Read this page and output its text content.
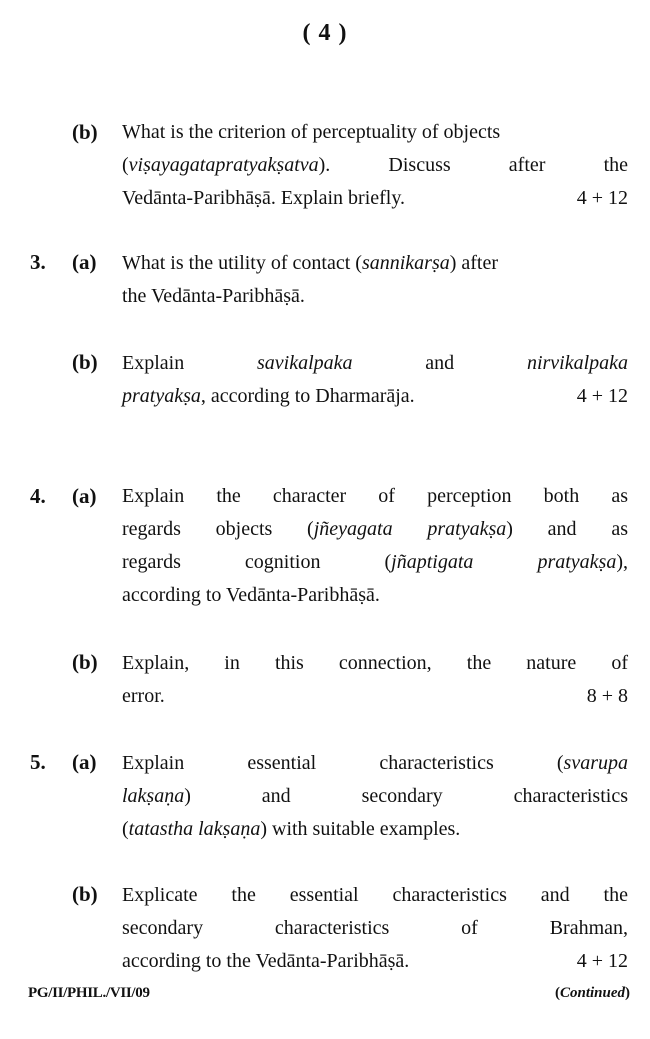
( 4 )
(b) What is the criterion of perceptuality of objects
(viṣayagatapratyakṣatva). Discuss after the
Vedānta-Paribhāṣā. Explain briefly.	4 + 12
3. (a) What is the utility of contact (sannikarṣa) after
the Vedānta-Paribhāṣā.
(b) Explain	savikalpaka	and	nirvikalpaka
pratyakṣa, according to Dharmarāja.	4 + 12
4. (a) Explain the character of perception both as
regards objects (jñeyagata pratyakṣa) and as
regards cognition (jñaptigata pratyakṣa),
according to Vedānta-Paribhāṣā.
(b) Explain, in this connection, the nature of
error.	8 + 8
5. (a) Explain essential characteristics (svarupa
lakṣaṇa) and secondary characteristics
(tatastha lakṣaṇa) with suitable examples.
(b) Explicate the essential characteristics and the
secondary characteristics of Brahman,
according to the Vedānta-Paribhāṣā.	4 + 12
PG/II/PHIL./VII/09	(Continued)
